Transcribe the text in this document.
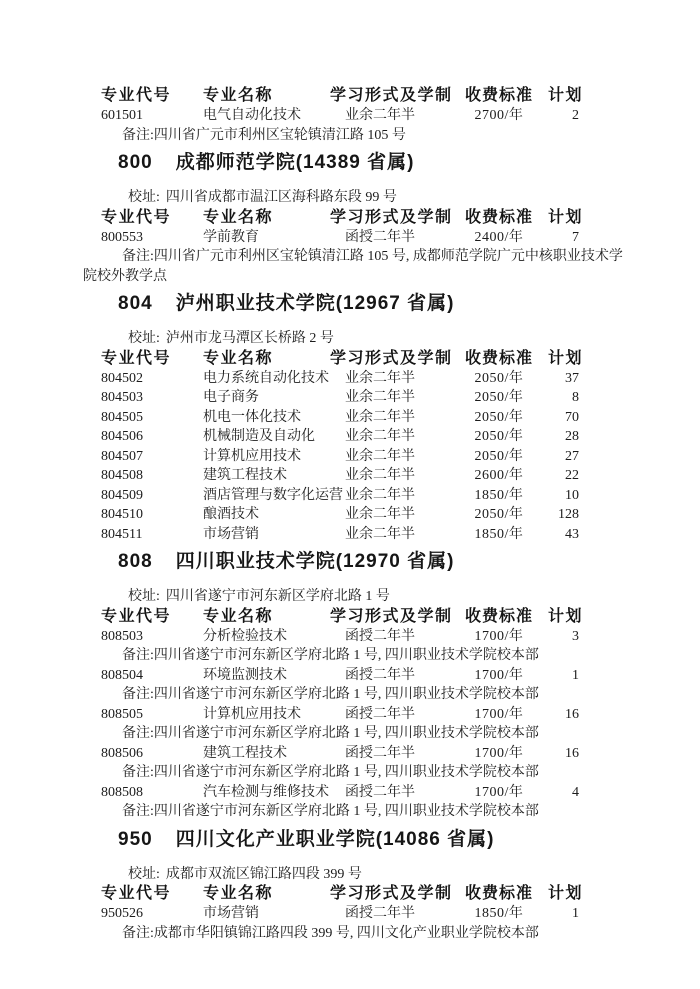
专业代号	专业名称	学习形式及学制 收费标准 计划
601501	电气自动化技术	业余二年半	2700/年	2

备注:四川省广元市利州区宝轮镇清江路 105 号

800 成都师范学院(14389 省属)

校址: 四川省成都市温江区海科路东段 99 号

专业代号	专业名称	学习形式及学制 收费标准 计划
800553	学前教育	函授二年半	2400/年	7

备注:四川省广元市利州区宝轮镇清江路 105 号, 成都师范学院广元中核职业技术学院校外教学点

804 泸州职业技术学院(12967 省属)

校址: 泸州市龙马潭区长桥路 2 号

专业代号	专业名称	学习形式及学制 收费标准 计划
804502	电力系统自动化技术	业余二年半	2050/年	37
804503	电子商务	业余二年半	2050/年	8
804505	机电一体化技术	业余二年半	2050/年	70
804506	机械制造及自动化	业余二年半	2050/年	28
804507	计算机应用技术	业余二年半	2050/年	27
804508	建筑工程技术	业余二年半	2600/年	22
804509	酒店管理与数字化运营 业余二年半	1850/年	10
804510	酿酒技术	业余二年半	2050/年	128
804511	市场营销	业余二年半	1850/年	43
808 四川职业技术学院(12970 省属)

校址: 四川省遂宁市河东新区学府北路 1 号

专业代号	专业名称	学习形式及学制 收费标准 计划
808503	分析检验技术	函授二年半	1700/年	3

备注:四川省遂宁市河东新区学府北路 1 号, 四川职业技术学院校本部

808504	环境监测技术	函授二年半	1700/年	1

备注:四川省遂宁市河东新区学府北路 1 号, 四川职业技术学院校本部

808505	计算机应用技术	函授二年半	1700/年	16

备注:四川省遂宁市河东新区学府北路 1 号, 四川职业技术学院校本部

808506	建筑工程技术	函授二年半	1700/年	16

备注:四川省遂宁市河东新区学府北路 1 号, 四川职业技术学院校本部

808508	汽车检测与维修技术	函授二年半	1700/年	4

备注:四川省遂宁市河东新区学府北路 1 号, 四川职业技术学院校本部

950 四川文化产业职业学院(14086 省属)

校址: 成都市双流区锦江路四段 399 号

专业代号	专业名称	学习形式及学制 收费标准 计划
950526	市场营销	函授二年半	1850/年	1

备注:成都市华阳镇锦江路四段 399 号, 四川文化产业职业学院校本部
